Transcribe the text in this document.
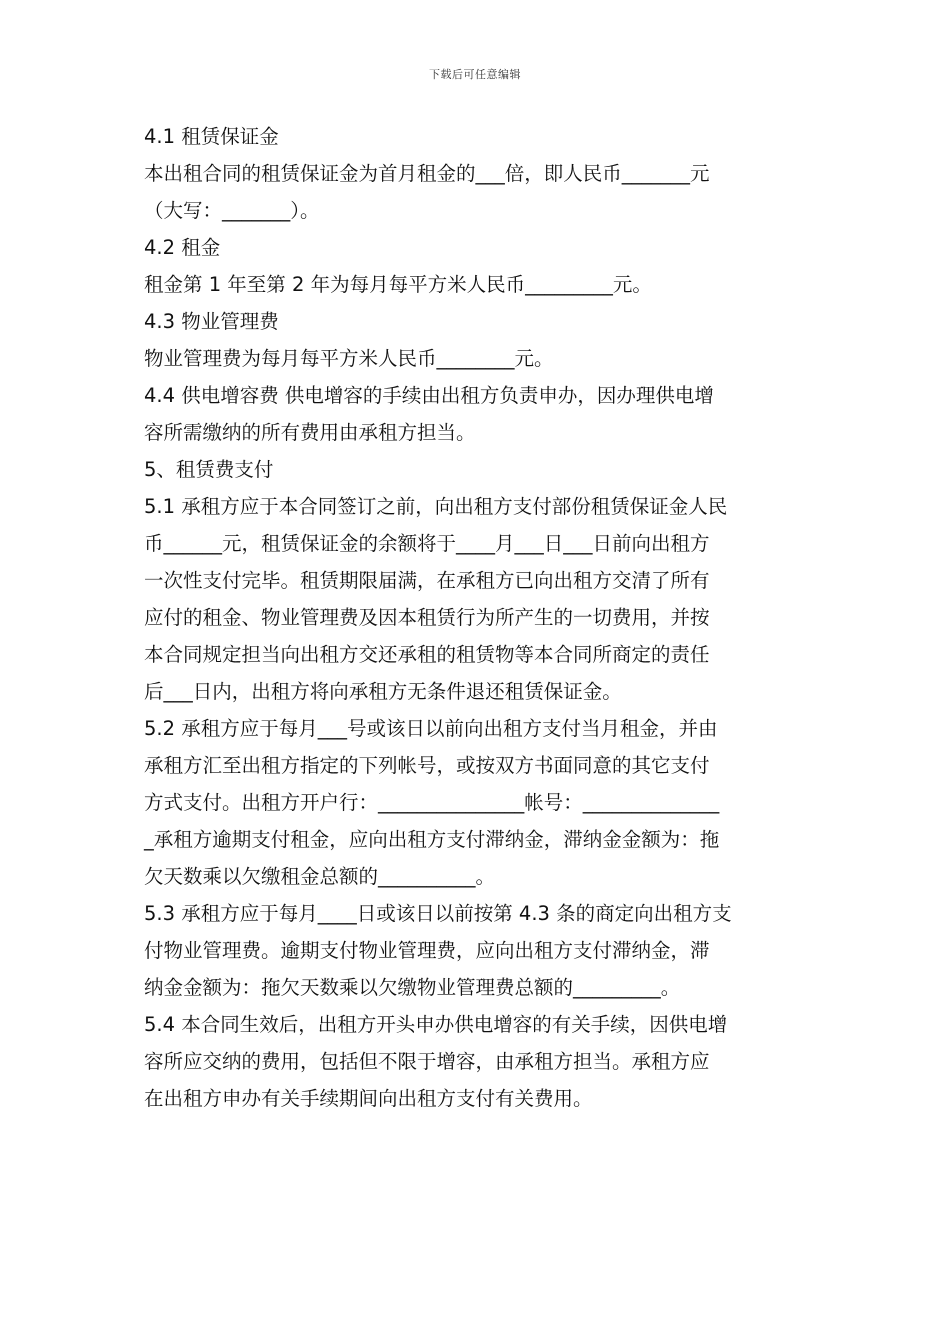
下载后可任意编辑
4.1 租赁保证金
本出租合同的租赁保证金为首月租金的___倍，即人民币_______元
（大写：_______）。
4.2 租金
租金第 1 年至第 2 年为每月每平方米人民币_________元。
4.3 物业管理费
物业管理费为每月每平方米人民币________元。
4.4 供电增容费 供电增容的手续由出租方负责申办，因办理供电增
容所需缴纳的所有费用由承租方担当。
5、租赁费支付
5.1 承租方应于本合同签订之前，向出租方支付部份租赁保证金人民
币______元，租赁保证金的余额将于____月___日___日前向出租方
一次性支付完毕。租赁期限届满，在承租方已向出租方交清了所有
应付的租金、物业管理费及因本租赁行为所产生的一切费用，并按
本合同规定担当向出租方交还承租的租赁物等本合同所商定的责任
后___日内，出租方将向承租方无条件退还租赁保证金。
5.2 承租方应于每月___号或该日以前向出租方支付当月租金，并由
承租方汇至出租方指定的下列帐号，或按双方书面同意的其它支付
方式支付。出租方开户行：_______________帐号：______________
_承租方逾期支付租金，应向出租方支付滞纳金，滞纳金金额为：拖
欠天数乘以欠缴租金总额的__________。
5.3 承租方应于每月____日或该日以前按第 4.3 条的商定向出租方支
付物业管理费。逾期支付物业管理费，应向出租方支付滞纳金，滞
纳金金额为：拖欠天数乘以欠缴物业管理费总额的_________。
5.4 本合同生效后，出租方开头申办供电增容的有关手续，因供电增
容所应交纳的费用，包括但不限于增容，由承租方担当。承租方应
在出租方申办有关手续期间向出租方支付有关费用。
